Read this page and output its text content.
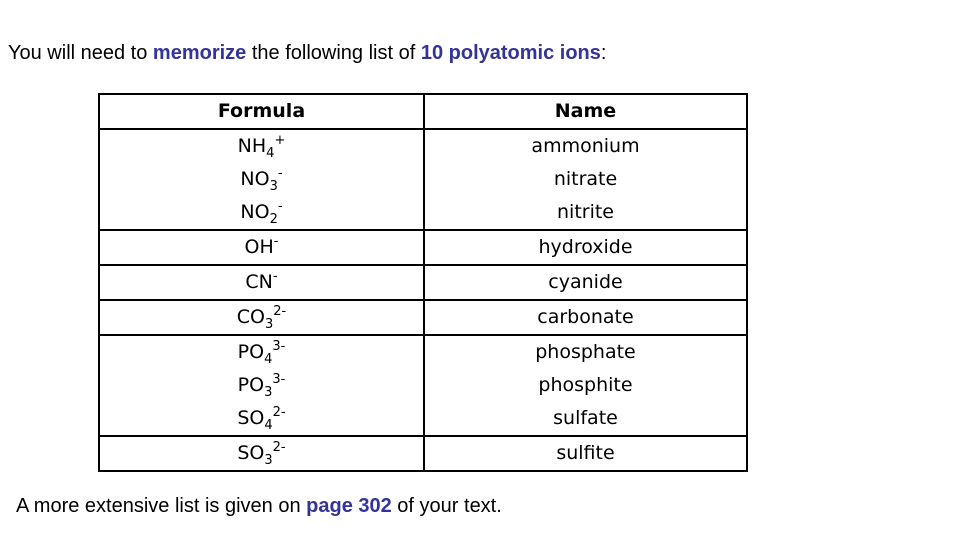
You will need to memorize the following list of 10 polyatomic ions:
Formula	Name
$NH_4^+$	ammonium
$NO_3^-$	nitrate
$NO_2^-$	nitrite
OH-	hydroxide
CN-	cyanide
$CO_3^{2-}$	carbonate
$PO_4^{3-}$	phosphate
$PO_3^{3-}$	phosphite
$SO_4^{2-}$	sulfate
$SO_3^{2-}$	sulfite
A more extensive list is given on page 302 of your text.
